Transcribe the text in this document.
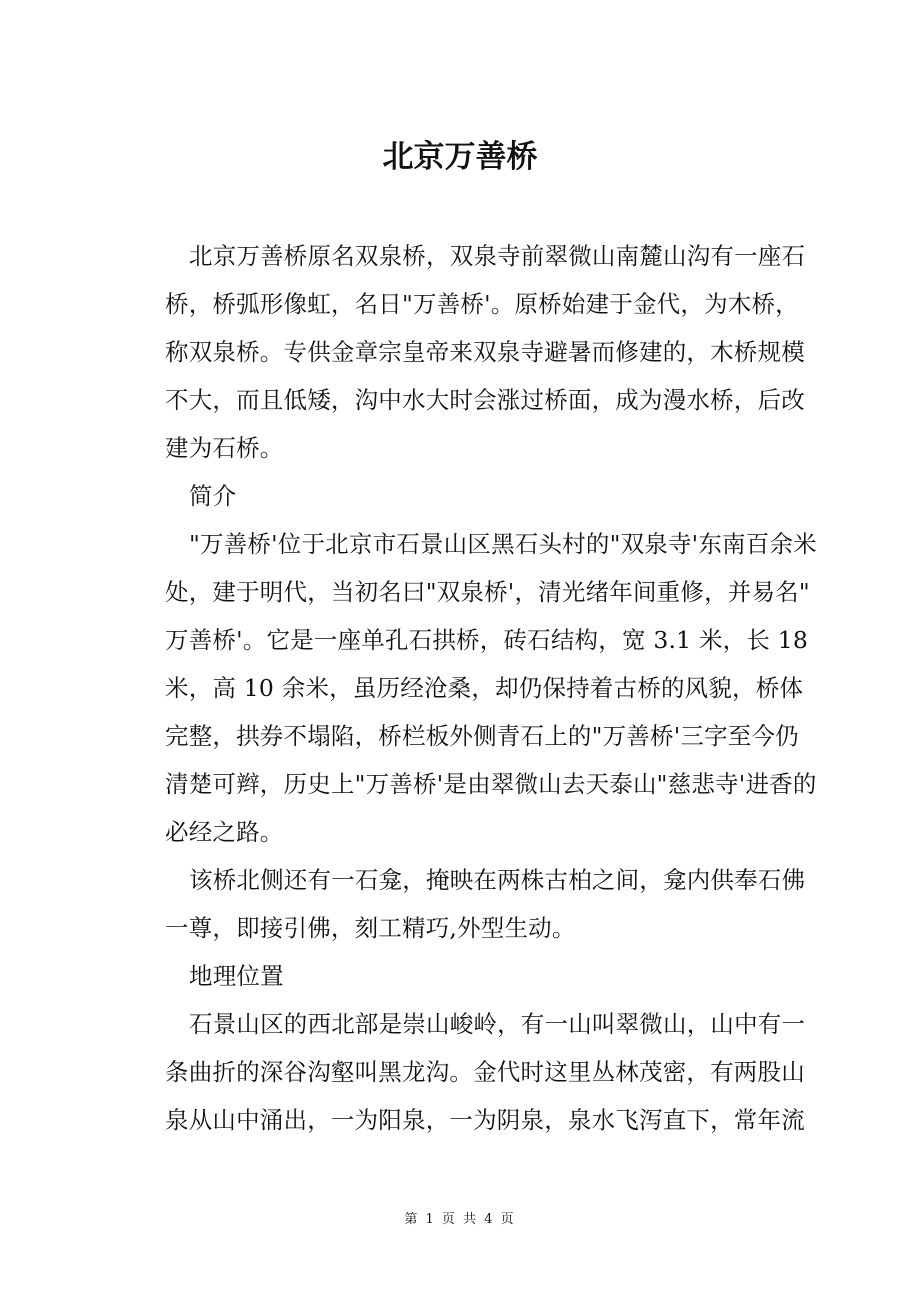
北京万善桥
北京万善桥原名双泉桥，双泉寺前翠微山南麓山沟有一座石
桥，桥弧形像虹，名日"万善桥'。原桥始建于金代，为木桥，
称双泉桥。专供金章宗皇帝来双泉寺避暑而修建的，木桥规模
不大，而且低矮，沟中水大时会涨过桥面，成为漫水桥，后改
建为石桥。
简介
"万善桥'位于北京市石景山区黑石头村的"双泉寺'东南百余米
处，建于明代，当初名曰"双泉桥'，清光绪年间重修，并易名"
万善桥'。它是一座单孔石拱桥，砖石结构，宽 3.1 米，长 18
米，高 10 余米，虽历经沧桑，却仍保持着古桥的风貌，桥体
完整，拱券不塌陷，桥栏板外侧青石上的"万善桥'三字至今仍
清楚可辫，历史上"万善桥'是由翠微山去天泰山"慈悲寺'进香的
必经之路。
该桥北侧还有一石龛，掩映在两株古柏之间，龛内供奉石佛
一尊，即接引佛，刻工精巧,外型生动。
地理位置
石景山区的西北部是崇山峻岭，有一山叫翠微山，山中有一
条曲折的深谷沟壑叫黑龙沟。金代时这里丛林茂密，有两股山
泉从山中涌出，一为阳泉，一为阴泉，泉水飞泻直下，常年流
第 1 页 共 4 页
